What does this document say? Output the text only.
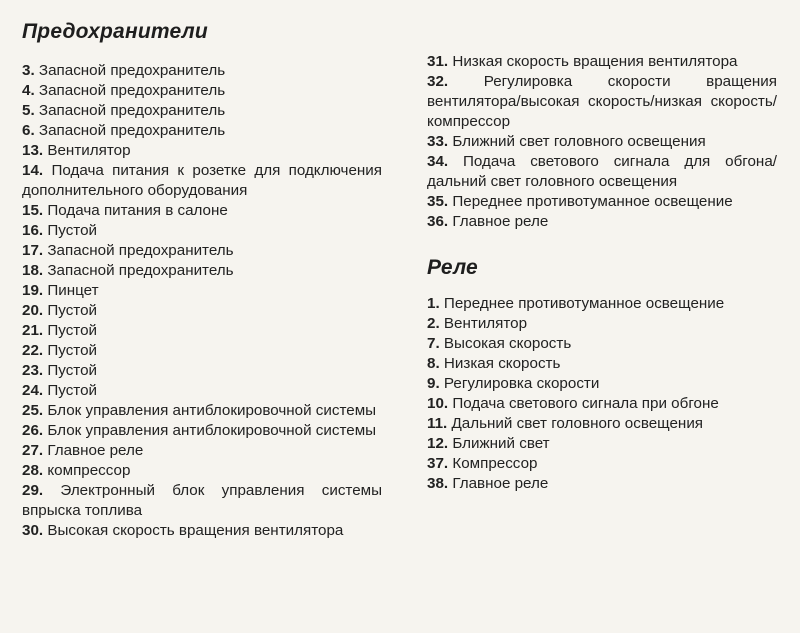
Предохранители
3. Запасной предохранитель
4. Запасной предохранитель
5. Запасной предохранитель
6. Запасной предохранитель
13. Вентилятор
14. Подача питания к розетке для подключения дополнительного оборудования
15. Подача питания в салоне
16. Пустой
17. Запасной предохранитель
18. Запасной предохранитель
19. Пинцет
20. Пустой
21. Пустой
22. Пустой
23. Пустой
24. Пустой
25. Блок управления антиблокировочной системы
26. Блок управления антиблокировочной системы
27. Главное реле
28. компрессор
29. Электронный блок управления системы впрыска топлива
30. Высокая скорость вращения вентилятора
31. Низкая скорость вращения вентилятора
32. Регулировка скорости вращения вентилятора/высокая скорость/низкая скорость/компрессор
33. Ближний свет головного освещения
34. Подача светового сигнала для обгона/дальний свет головного освещения
35. Переднее противотуманное освещение
36. Главное реле
Реле
1. Переднее противотуманное освещение
2. Вентилятор
7. Высокая скорость
8. Низкая скорость
9. Регулировка скорости
10. Подача светового сигнала при обгоне
11. Дальний свет головного освещения
12. Ближний свет
37. Компрессор
38. Главное реле
